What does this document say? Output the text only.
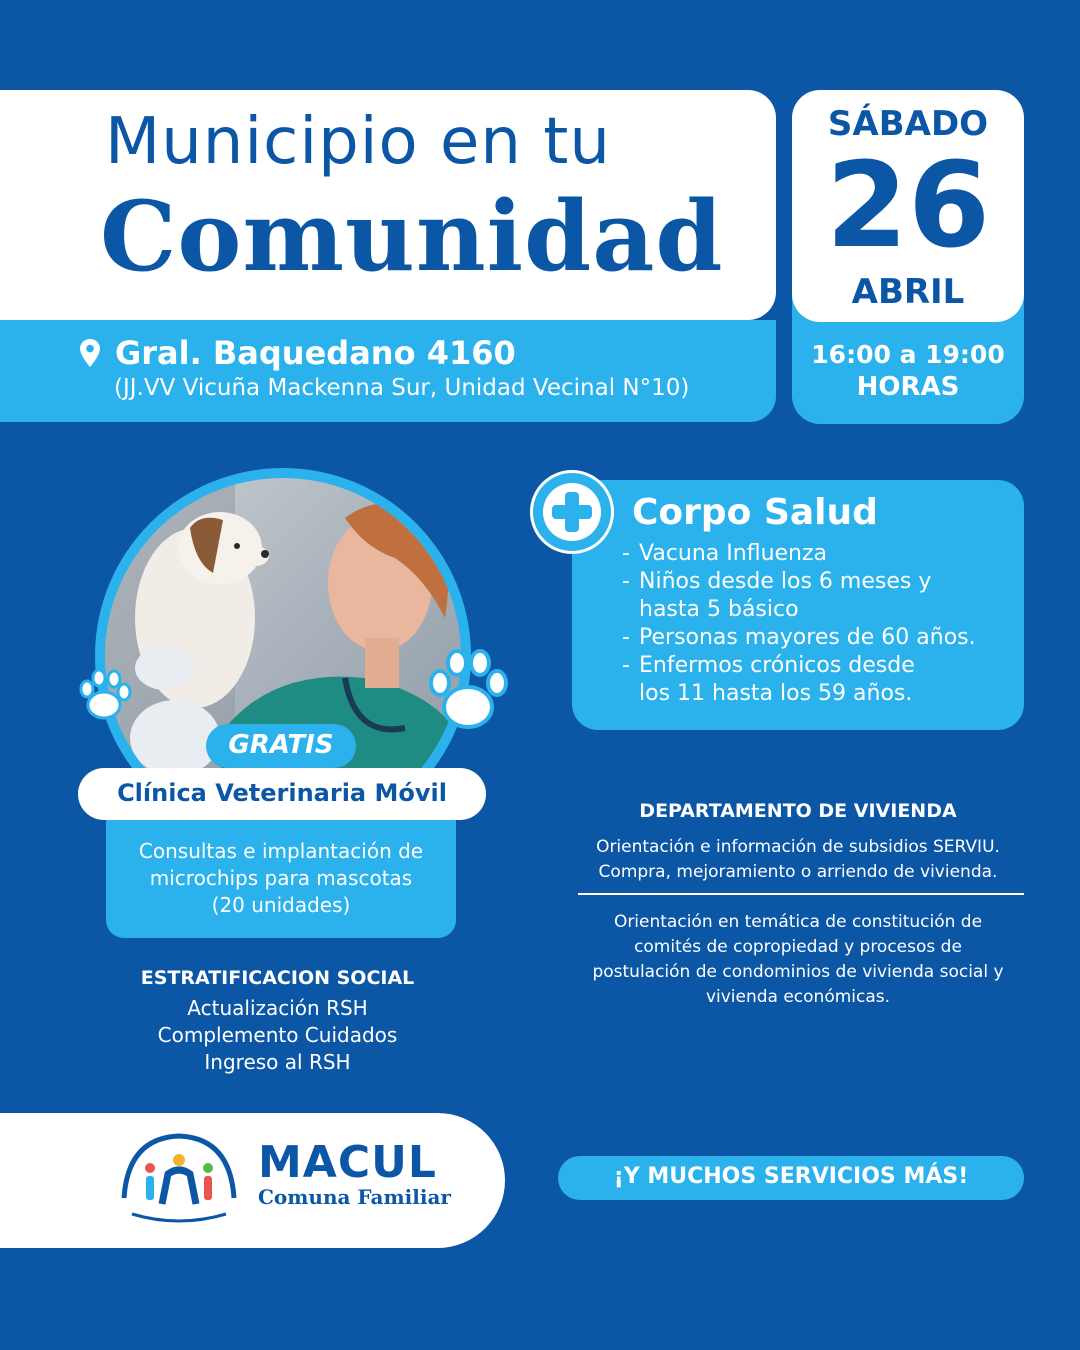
Municipio en tu
Comunidad
Gral. Baquedano 4160
(JJ.VV Vicuña Mackenna Sur, Unidad Vecinal N°10)
SÁBADO
26
ABRIL
16:00 a 19:00
HORAS
GRATIS
Clínica Veterinaria Móvil
Consultas e implantación de
microchips para mascotas
(20 unidades)
ESTRATIFICACION SOCIAL
Actualización RSH
Complemento Cuidados
Ingreso al RSH
Corpo Salud
- Vacuna Influenza
- Niños desde los 6 meses y
hasta 5 básico
- Personas mayores de 60 años.
- Enfermos crónicos desde
los 11 hasta los 59 años.
DEPARTAMENTO DE VIVIENDA
Orientación e información de subsidios SERVIU.
Compra, mejoramiento o arriendo de vivienda.
Orientación en temática de constitución de
comités de copropiedad y procesos de
postulación de condominios de vivienda social y
vivienda económicas.
MACUL
Comuna Familiar
¡Y MUCHOS SERVICIOS MÁS!
